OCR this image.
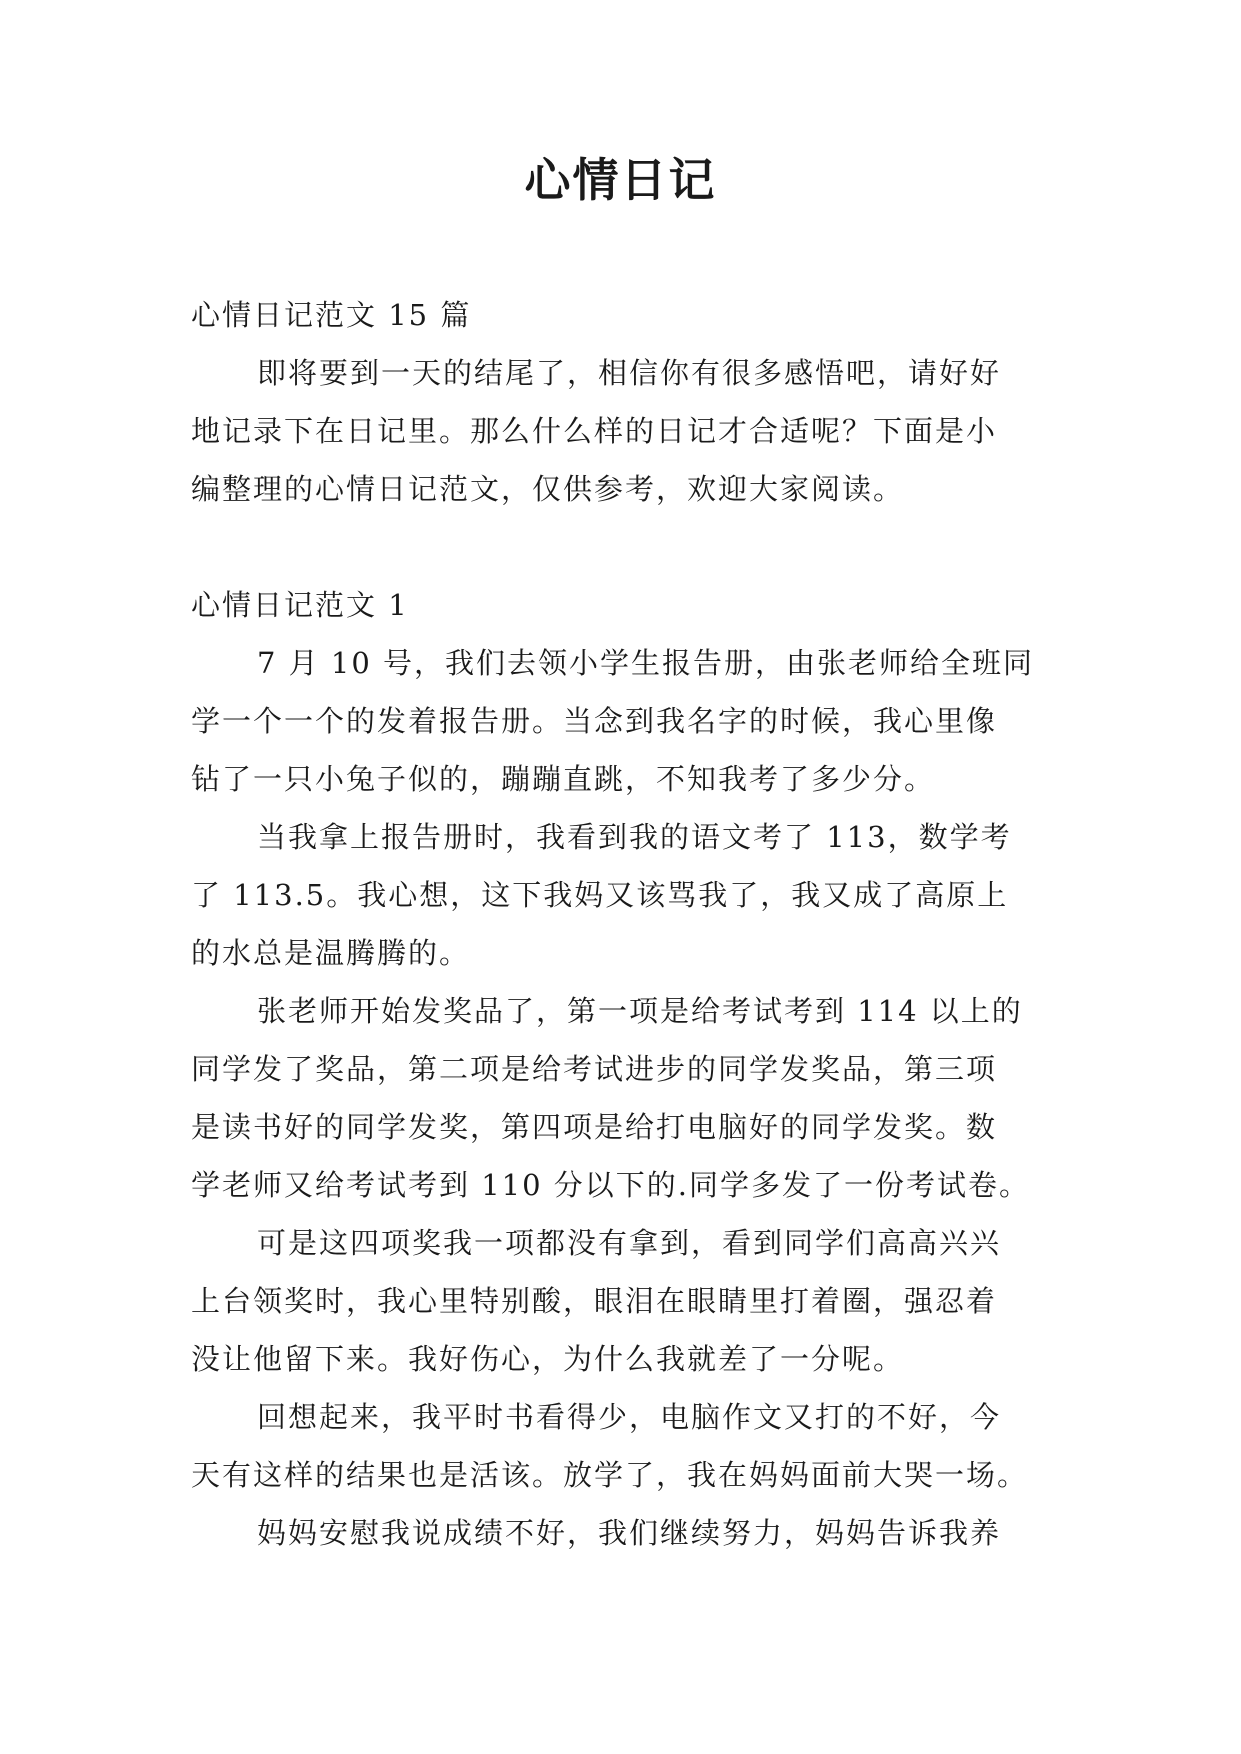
心情日记

心情日记范文 15 篇

即将要到一天的结尾了，相信你有很多感悟吧，请好好

地记录下在日记里。那么什么样的日记才合适呢？下面是小

编整理的心情日记范文，仅供参考，欢迎大家阅读。

心情日记范文 1

7 月 10 号，我们去领小学生报告册，由张老师给全班同

学一个一个的发着报告册。当念到我名字的时候，我心里像

钻了一只小兔子似的，蹦蹦直跳，不知我考了多少分。

当我拿上报告册时，我看到我的语文考了 113，数学考

了 113.5。我心想，这下我妈又该骂我了，我又成了高原上

的水总是温腾腾的。

张老师开始发奖品了，第一项是给考试考到 114 以上的

同学发了奖品，第二项是给考试进步的同学发奖品，第三项

是读书好的同学发奖，第四项是给打电脑好的同学发奖。数

学老师又给考试考到 110 分以下的.同学多发了一份考试卷。

可是这四项奖我一项都没有拿到，看到同学们高高兴兴

上台领奖时，我心里特别酸，眼泪在眼睛里打着圈，强忍着

没让他留下来。我好伤心，为什么我就差了一分呢。

回想起来，我平时书看得少，电脑作文又打的不好，今

天有这样的结果也是活该。放学了，我在妈妈面前大哭一场。

妈妈安慰我说成绩不好，我们继续努力，妈妈告诉我养
